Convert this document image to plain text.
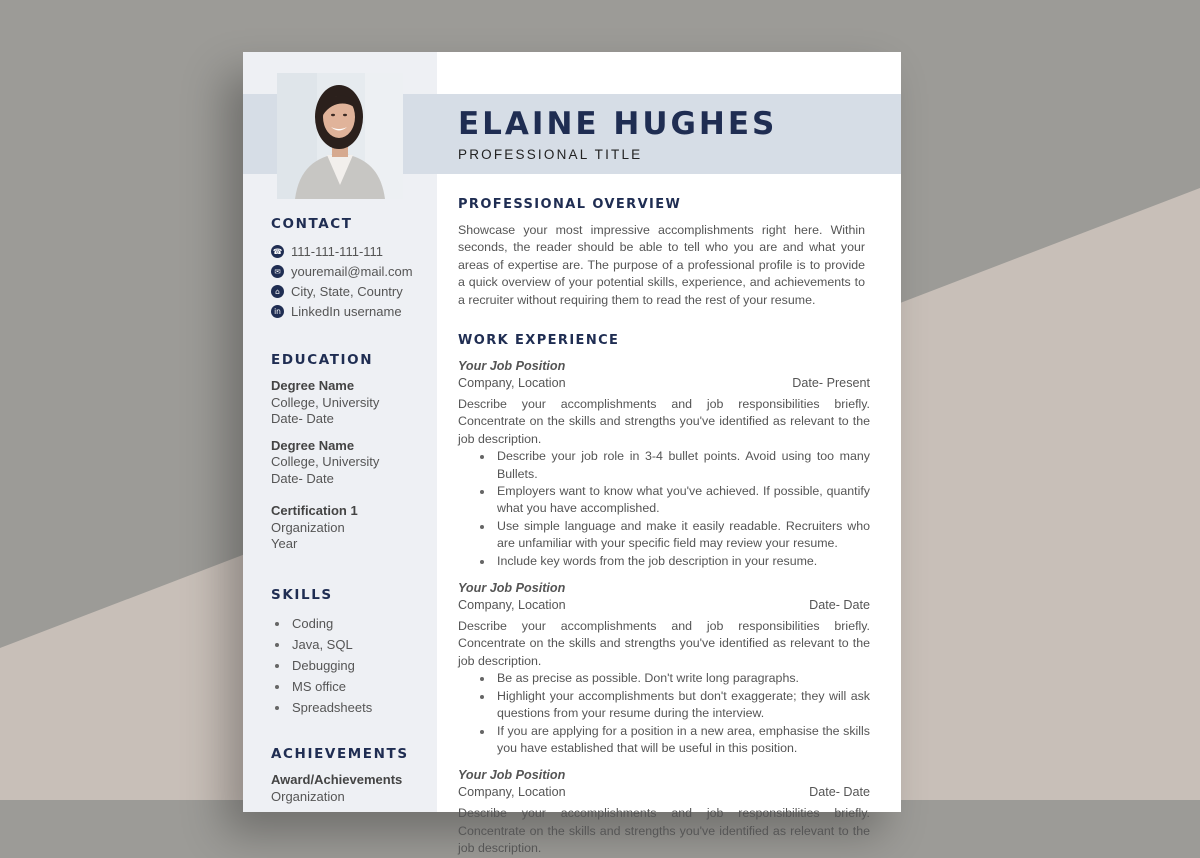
ELAINE HUGHES
PROFESSIONAL TITLE
CONTACT
☎ 111-111-111-111
✉ youremail@mail.com
⌂ City, State, Country
in LinkedIn username
EDUCATION
Degree Name
College, University
Date- Date
Degree Name
College, University
Date- Date
Certification 1
Organization
Year
SKILLS
Coding
Java, SQL
Debugging
MS office
Spreadsheets
ACHIEVEMENTS
Award/Achievements
Organization
PROFESSIONAL OVERVIEW

Showcase your most impressive accomplishments right here. Within seconds, the reader should be able to tell who you are and what your areas of expertise are. The purpose of a professional profile is to provide a quick overview of your potential skills, experience, and achievements to a recruiter without requiring them to read the rest of your resume.

WORK EXPERIENCE
Your Job Position
Company, Location	Date- Present

Describe your accomplishments and job responsibilities briefly. Concentrate on the skills and strengths you've identified as relevant to the job description.

Describe your job role in 3-4 bullet points. Avoid using too many Bullets.
Employers want to know what you've achieved. If possible, quantify what you have accomplished.
Use simple language and make it easily readable. Recruiters who are unfamiliar with your specific field may review your resume.
Include key words from the job description in your resume.
Your Job Position
Company, Location	Date- Date

Describe your accomplishments and job responsibilities briefly. Concentrate on the skills and strengths you've identified as relevant to the job description.

Be as precise as possible. Don't write long paragraphs.
Highlight your accomplishments but don't exaggerate; they will ask questions from your resume during the interview.
If you are applying for a position in a new area, emphasise the skills you have established that will be useful in this position.
Your Job Position
Company, Location	Date- Date

Describe your accomplishments and job responsibilities briefly. Concentrate on the skills and strengths you've identified as relevant to the job description.
